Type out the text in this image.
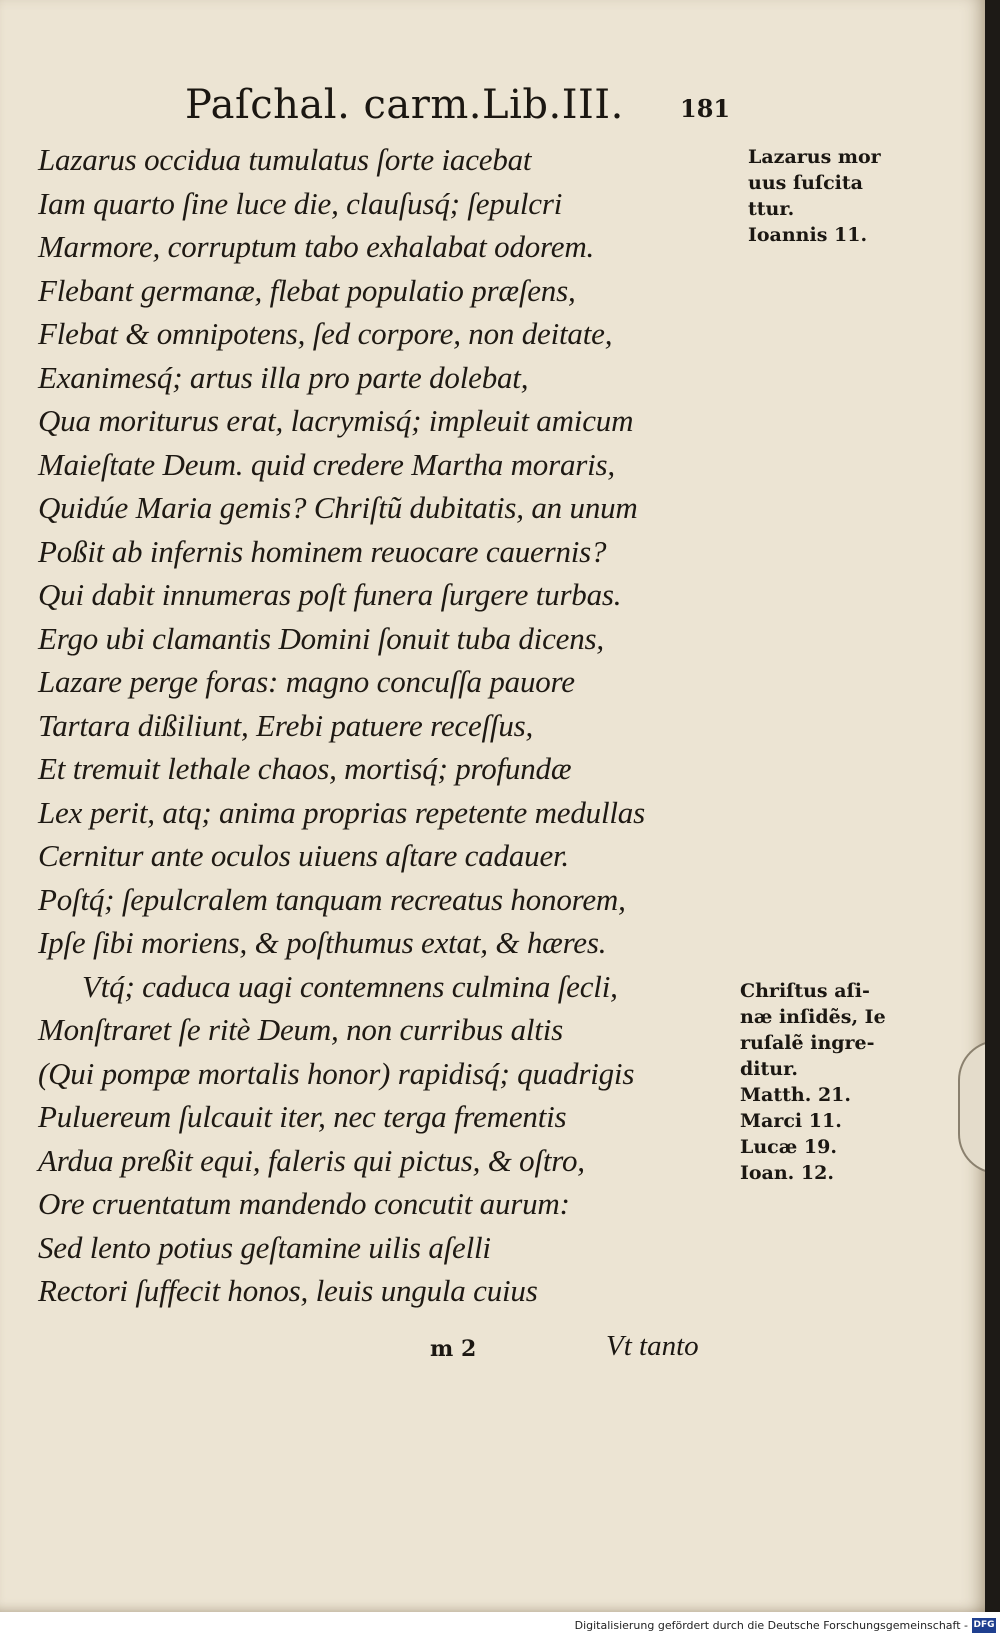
Paſchal. carm.Lib.III. 181
Lazarus occidua tumulatus ſorte iacebat
Iam quarto ſine luce die, clauſusq́; ſepulcri
Marmore, corruptum tabo exhalabat odorem.
Flebant germanæ, flebat populatio præſens,
Flebat & omnipotens, ſed corpore, non deitate,
Exanimesq́; artus illa pro parte dolebat,
Qua moriturus erat, lacrymisq́; impleuit amicum
Maieſtate Deum. quid credere Martha moraris,
Quidúe Maria gemis? Chriſtũ dubitatis, an unum
Poßit ab infernis hominem reuocare cauernis?
Qui dabit innumeras poſt funera ſurgere turbas.
Ergo ubi clamantis Domini ſonuit tuba dicens,
Lazare perge foras: magno concuſſa pauore
Tartara dißiliunt, Erebi patuere receſſus,
Et tremuit lethale chaos, mortisq́; profundæ
Lex perit, atq; anima proprias repetente medullas
Cernitur ante oculos uiuens aſtare cadauer.
Poſtq́; ſepulcralem tanquam recreatus honorem,
Ipſe ſibi moriens, & poſthumus extat, & hæres.
Vtq́; caduca uagi contemnens culmina ſecli,
Monſtraret ſe ritè Deum, non curribus altis
(Qui pompæ mortalis honor) rapidisq́; quadrigis
Puluereum ſulcauit iter, nec terga frementis
Ardua preßit equi, faleris qui pictus, & oſtro,
Ore cruentatum mandendo concutit aurum:
Sed lento potius geſtamine uilis aſelli
Rectori ſuffecit honos, leuis ungula cuius
Lazarus mor
uus ſuſcita
ttur.
Ioannis 11.
Chriſtus aſi-
næ inſidẽs, Ie
ruſalẽ ingre-
ditur.
Matth. 21.
Marci 11.
Lucæ 19.
Ioan. 12.
m 2	Vt tanto
Digitalisierung gefördert durch die Deutsche Forschungsgemeinschaft - DFG
